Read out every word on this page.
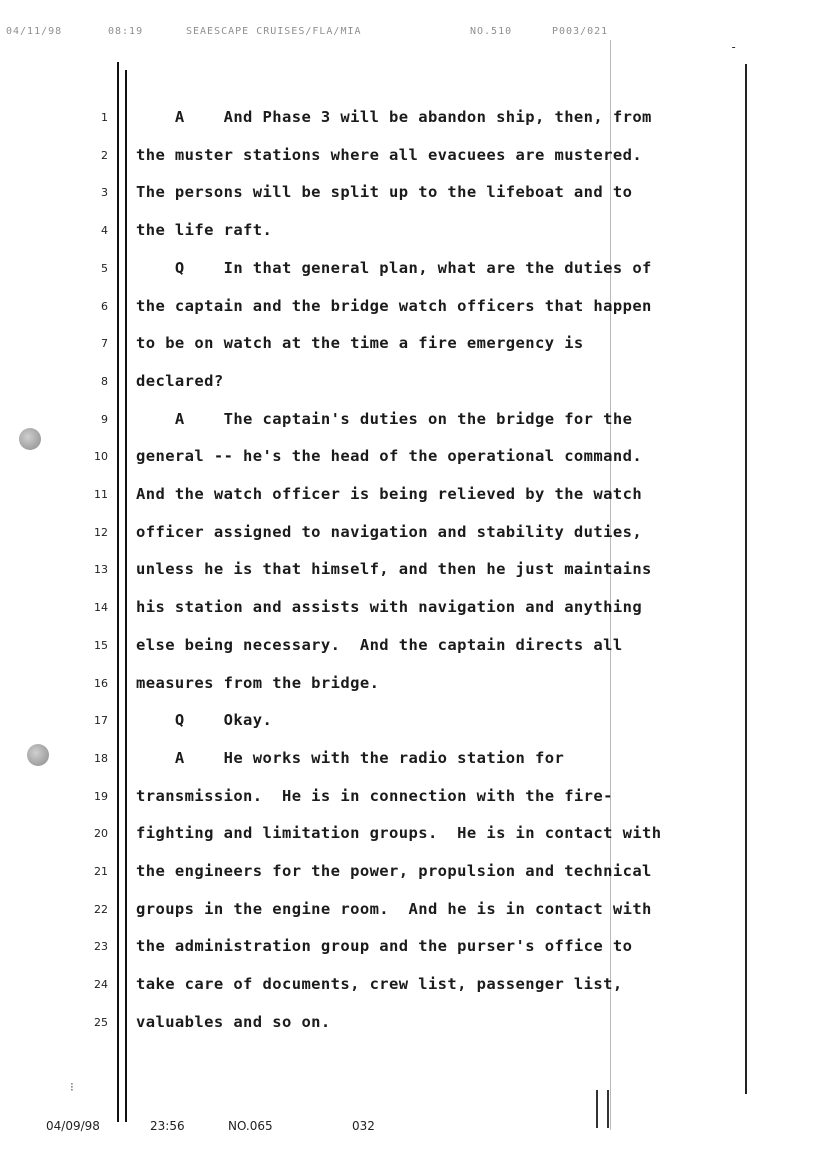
04/11/98	08:19	SEAESCAPE CRUISES/FLA/MIA	NO.510	P003/021
-
1 A    And Phase 3 will be abandon ship, then, from
2 the muster stations where all evacuees are mustered.
3 The persons will be split up to the lifeboat and to
4 the life raft.
5 Q    In that general plan, what are the duties of
6 the captain and the bridge watch officers that happen
7 to be on watch at the time a fire emergency is
8 declared?
9 A    The captain's duties on the bridge for the
10 general -- he's the head of the operational command.
11 And the watch officer is being relieved by the watch
12 officer assigned to navigation and stability duties,
13 unless he is that himself, and then he just maintains
14 his station and assists with navigation and anything
15 else being necessary.  And the captain directs all
16 measures from the bridge.
17 Q    Okay.
18 A    He works with the radio station for
19 transmission.  He is in connection with the fire-
20 fighting and limitation groups.  He is in contact with
21 the engineers for the power, propulsion and technical
22 groups in the engine room.  And he is in contact with
23 the administration group and the purser's office to
24 take care of documents, crew list, passenger list,
25 valuables and so on.
⁝
04/09/98	23:56	NO.065	032
